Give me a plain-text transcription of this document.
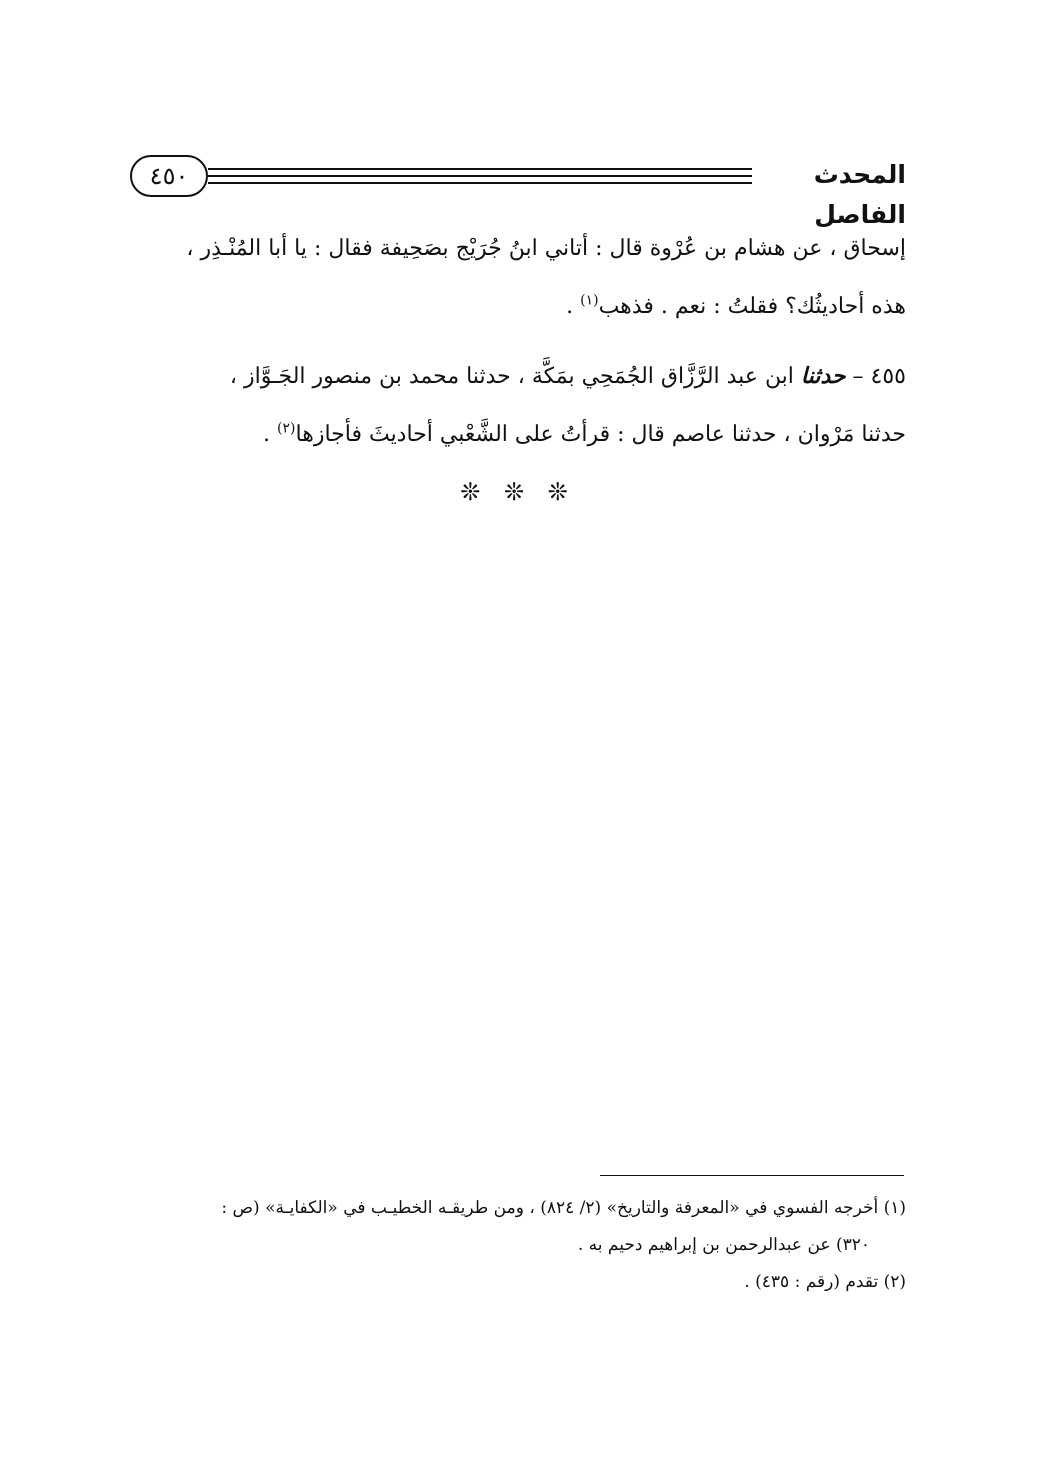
٤٥٠	المحدث الفاصل

إسحاق ، عن هشام بن عُرْوة قال : أتاني ابنُ جُرَيْج بصَحِيفة فقال : يا أبا المُنْـذِر ،
هذه أحاديثُك؟ فقلتُ : نعم . فذهب$^{(١)}$ .

٤٥٥ – حدثنا ابن عبد الرَّزَّاق الجُمَحِي بمَكَّة ، حدثنا محمد بن منصور الجَـوَّاز ،
حدثنا مَرْوان ، حدثنا عاصم قال : قرأتُ على الشَّعْبي أحاديثَ فأجازها$^{(٢)}$ .

❊ ❊ ❊

(١) أخرجه الفسوي في «المعرفة والتاريخ» (٢/ ٨٢٤) ، ومن طريقـه الخطيـب في «الكفايـة» (ص :
٣٢٠) عن عبدالرحمن بن إبراهيم دحيم به .

(٢) تقدم (رقم : ٤٣٥) .
